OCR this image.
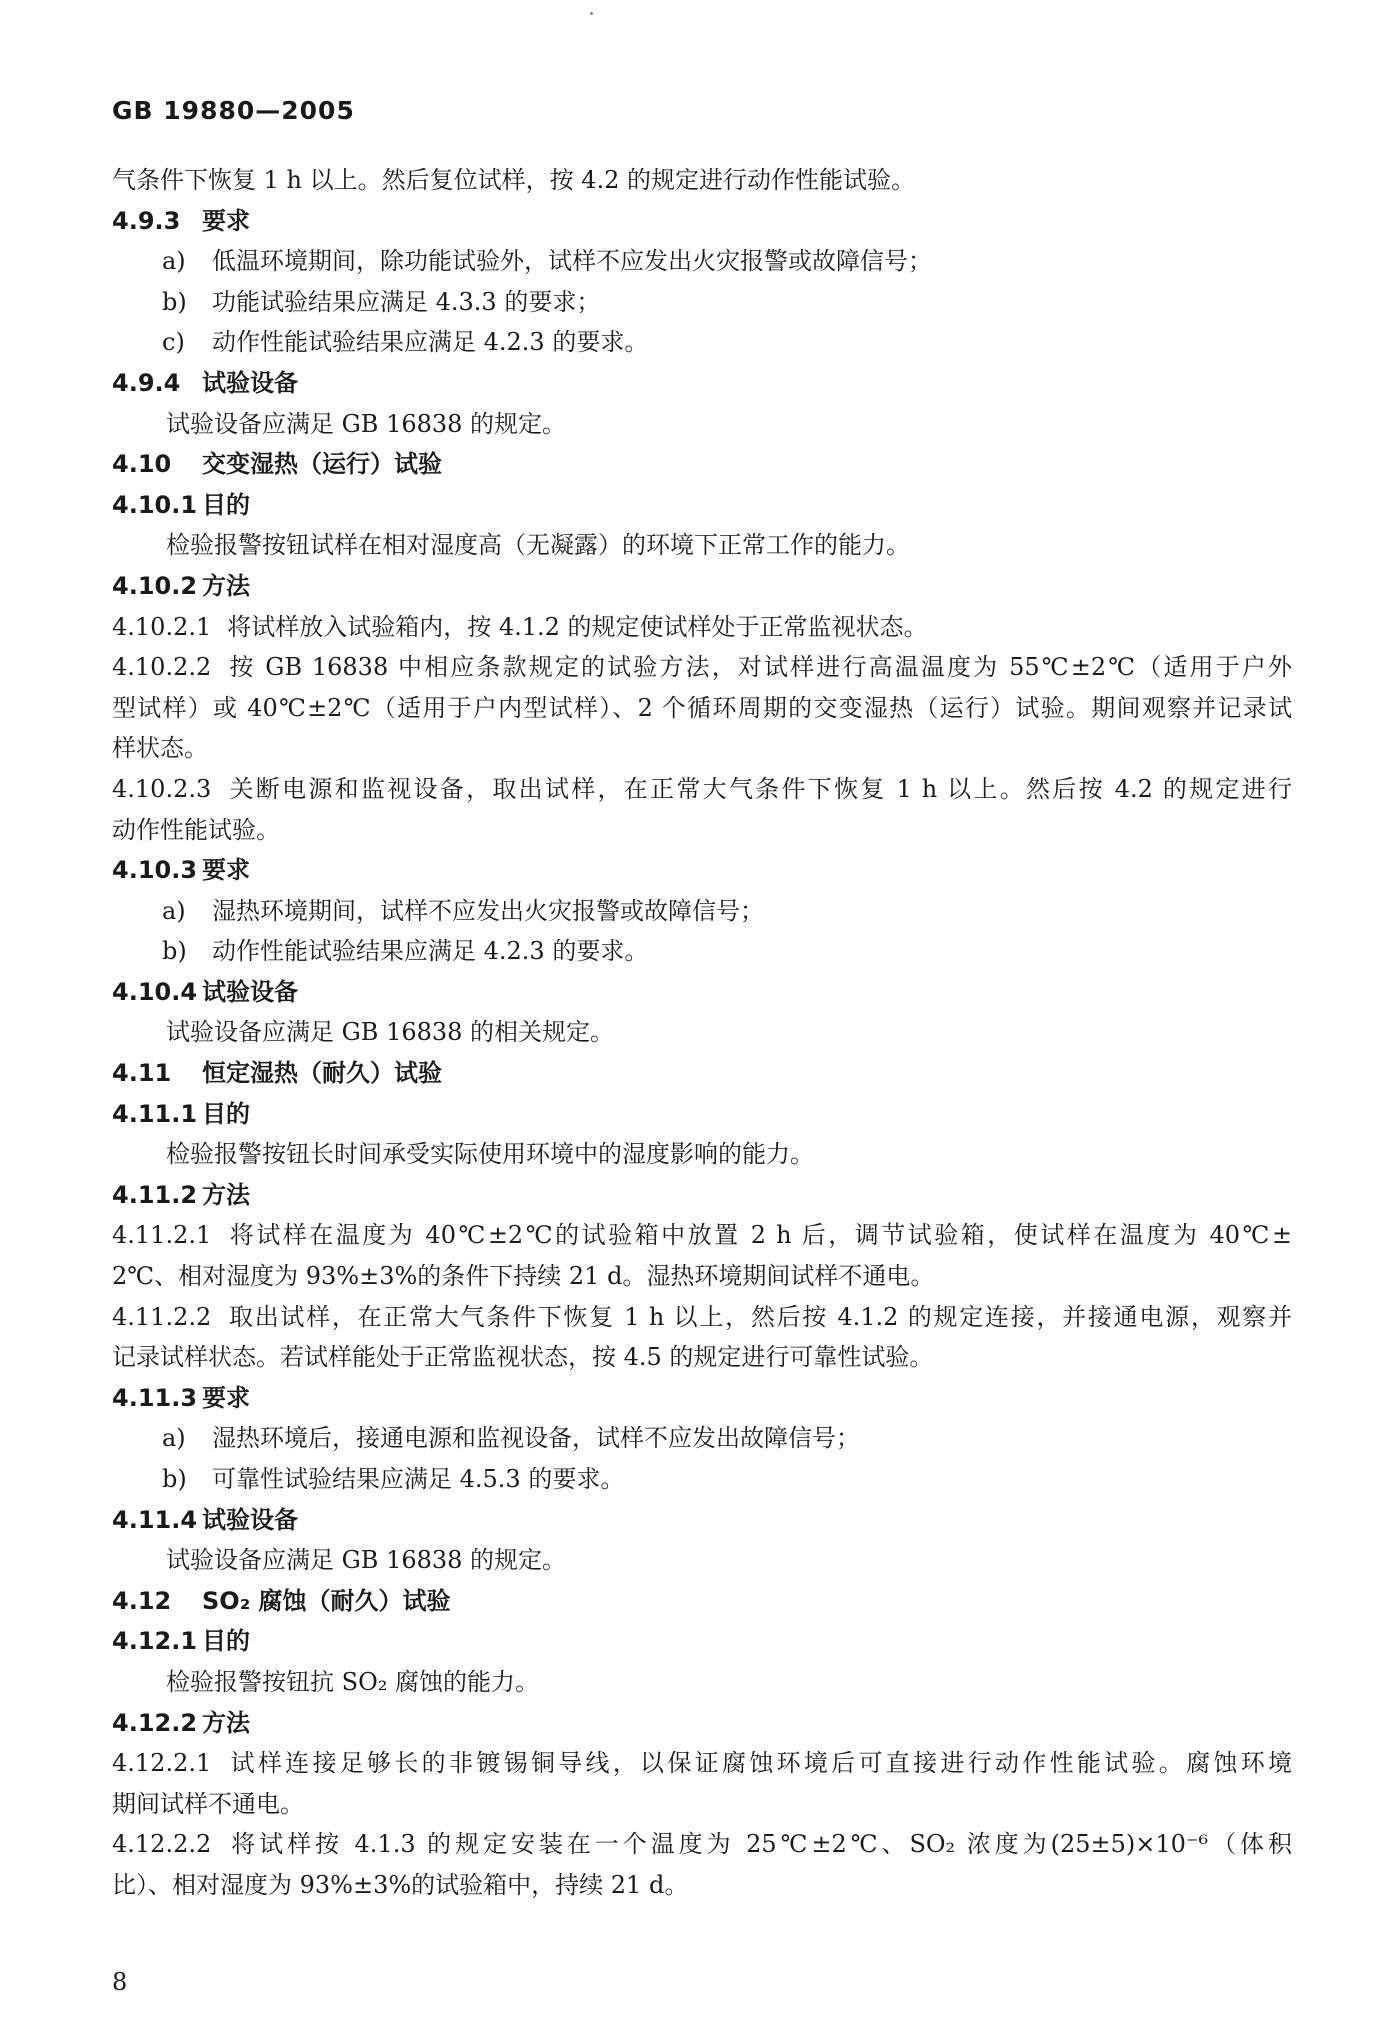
GB 19880—2005
气条件下恢复 1 h 以上。然后复位试样，按 4.2 的规定进行动作性能试验。
4.9.3 要求
a) 低温环境期间，除功能试验外，试样不应发出火灾报警或故障信号；
b) 功能试验结果应满足 4.3.3 的要求；
c) 动作性能试验结果应满足 4.2.3 的要求。
4.9.4 试验设备
试验设备应满足 GB 16838 的规定。
4.10 交变湿热（运行）试验
4.10.1 目的
检验报警按钮试样在相对湿度高（无凝露）的环境下正常工作的能力。
4.10.2 方法
4.10.2.1 将试样放入试验箱内，按 4.1.2 的规定使试样处于正常监视状态。
4.10.2.2 按 GB 16838 中相应条款规定的试验方法，对试样进行高温温度为 55℃±2℃（适用于户外
型试样）或 40℃±2℃（适用于户内型试样）、2 个循环周期的交变湿热（运行）试验。期间观察并记录试
样状态。
4.10.2.3 关断电源和监视设备，取出试样，在正常大气条件下恢复 1 h 以上。然后按 4.2 的规定进行
动作性能试验。
4.10.3 要求
a) 湿热环境期间，试样不应发出火灾报警或故障信号；
b) 动作性能试验结果应满足 4.2.3 的要求。
4.10.4 试验设备
试验设备应满足 GB 16838 的相关规定。
4.11 恒定湿热（耐久）试验
4.11.1 目的
检验报警按钮长时间承受实际使用环境中的湿度影响的能力。
4.11.2 方法
4.11.2.1 将试样在温度为 40℃±2℃的试验箱中放置 2 h 后，调节试验箱，使试样在温度为 40℃±
2℃、相对湿度为 93%±3%的条件下持续 21 d。湿热环境期间试样不通电。
4.11.2.2 取出试样，在正常大气条件下恢复 1 h 以上，然后按 4.1.2 的规定连接，并接通电源，观察并
记录试样状态。若试样能处于正常监视状态，按 4.5 的规定进行可靠性试验。
4.11.3 要求
a) 湿热环境后，接通电源和监视设备，试样不应发出故障信号；
b) 可靠性试验结果应满足 4.5.3 的要求。
4.11.4 试验设备
试验设备应满足 GB 16838 的规定。
4.12 SO₂ 腐蚀（耐久）试验
4.12.1 目的
检验报警按钮抗 SO₂ 腐蚀的能力。
4.12.2 方法
4.12.2.1 试样连接足够长的非镀锡铜导线，以保证腐蚀环境后可直接进行动作性能试验。腐蚀环境
期间试样不通电。
4.12.2.2 将试样按 4.1.3 的规定安装在一个温度为 25℃±2℃、SO₂ 浓度为(25±5)×10⁻⁶（体积
比）、相对湿度为 93%±3%的试验箱中，持续 21 d。
8
